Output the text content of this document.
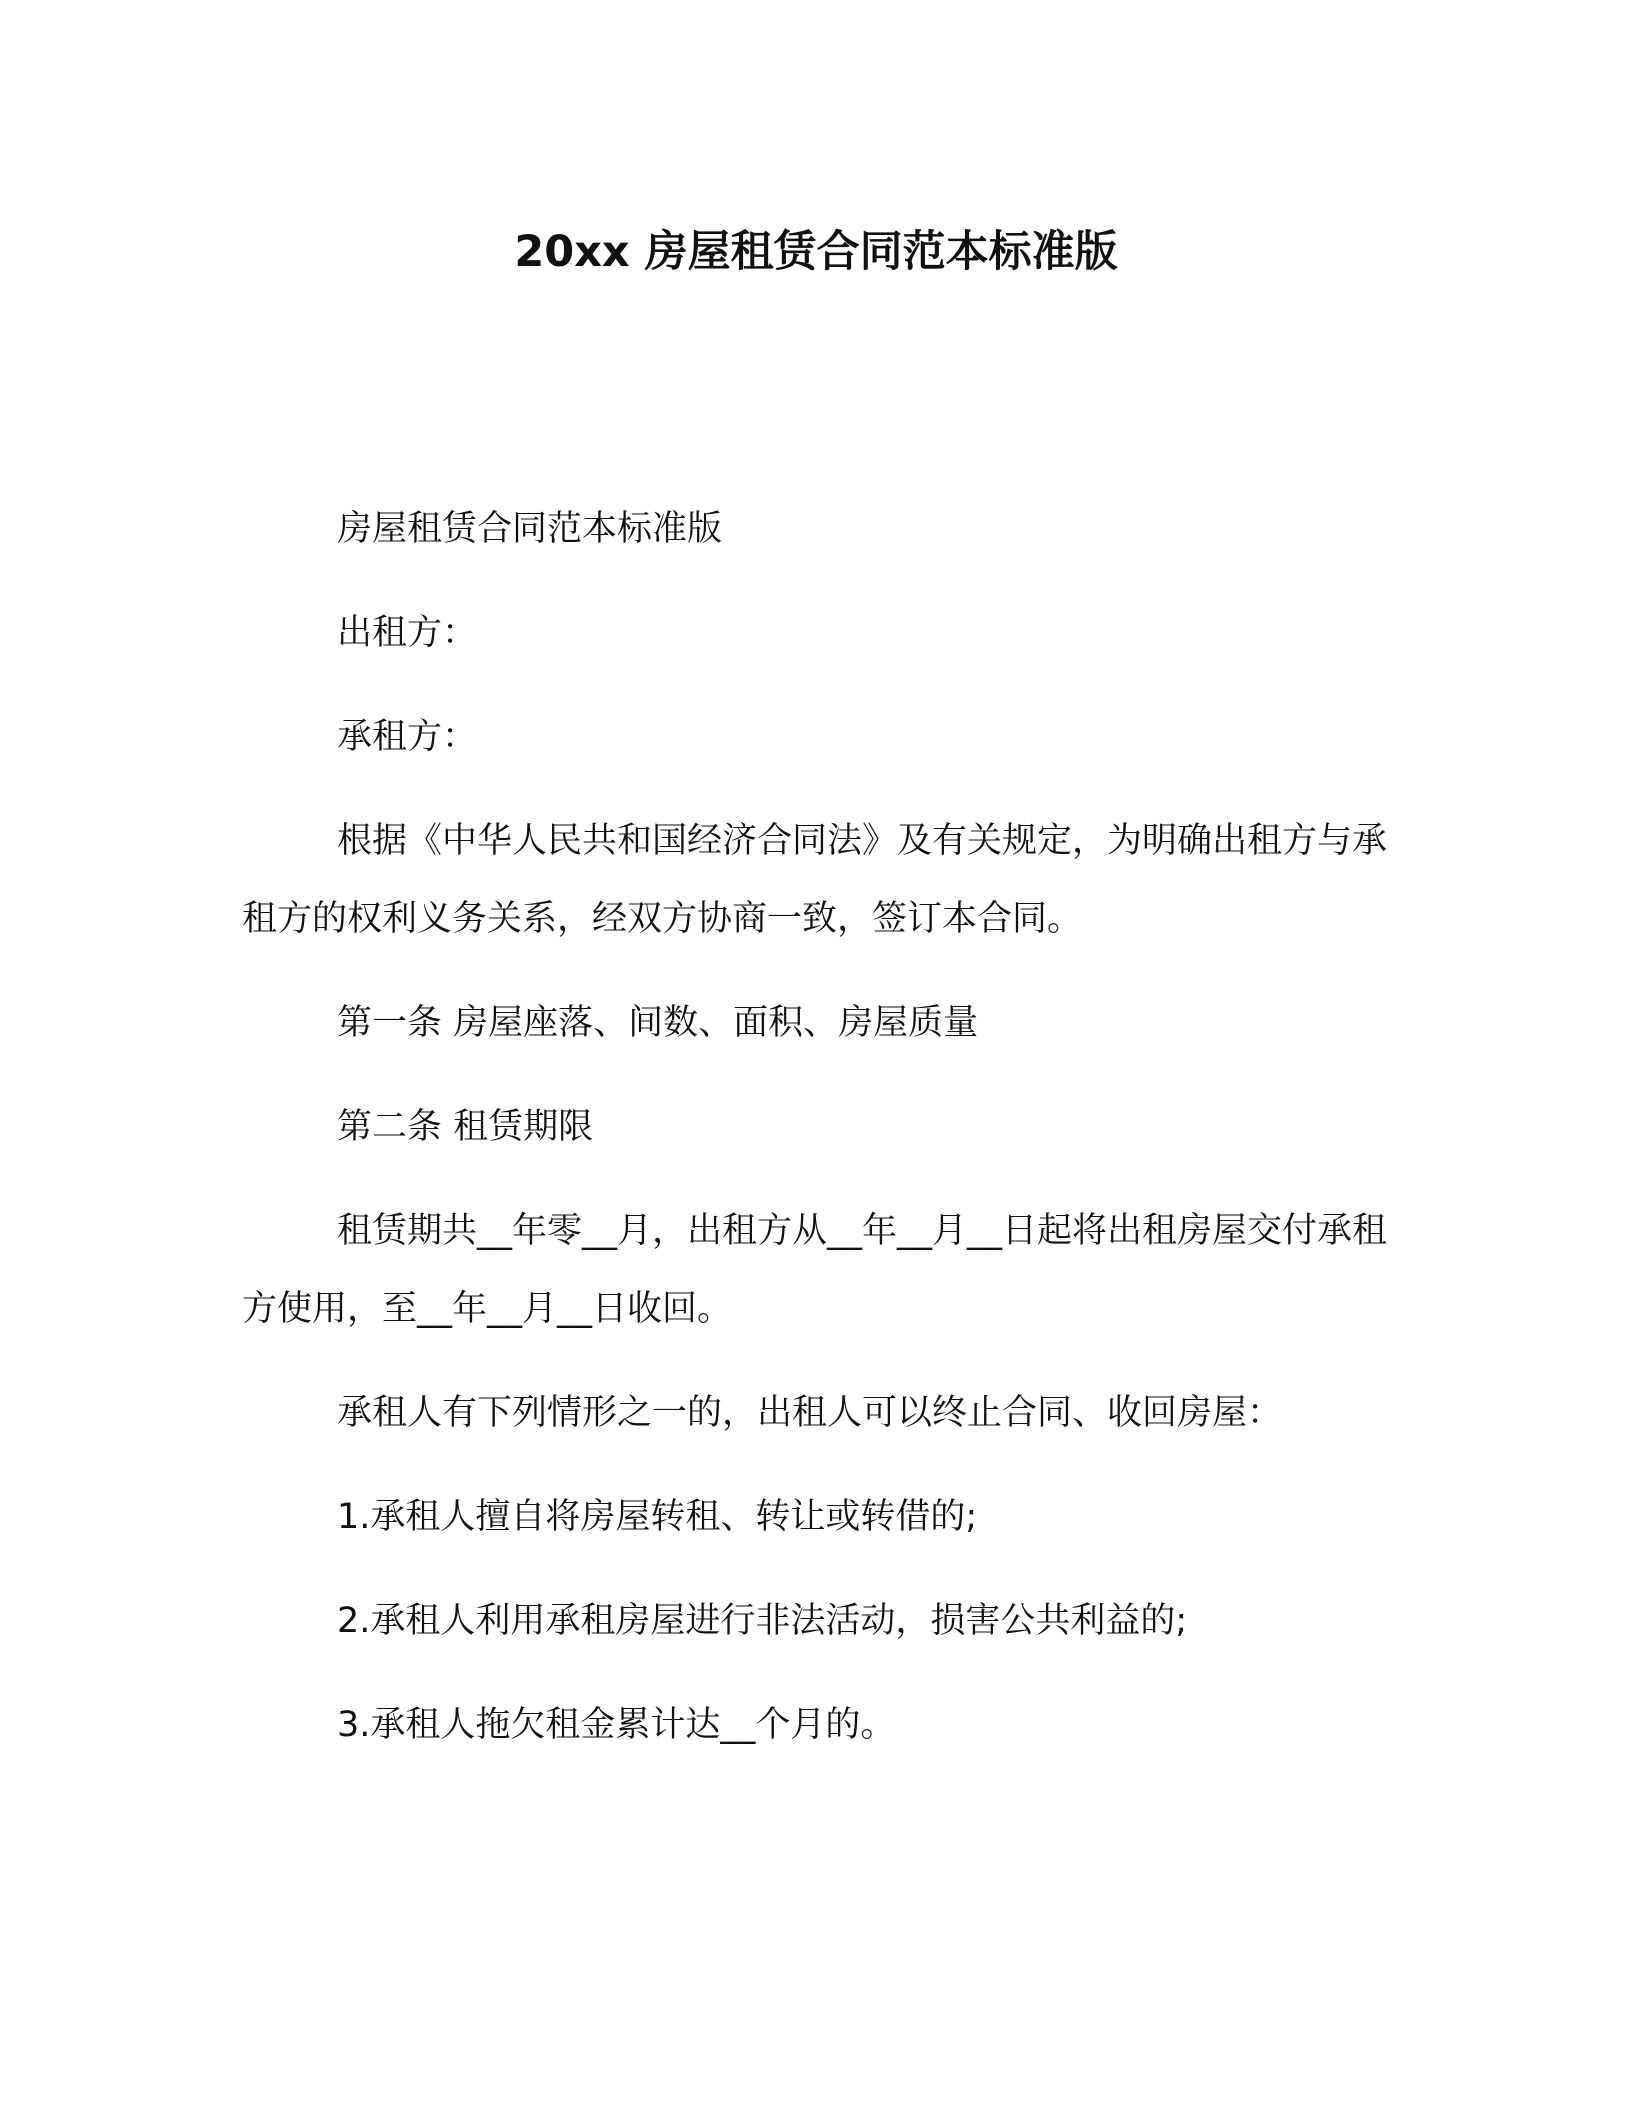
20xx 房屋租赁合同范本标准版

房屋租赁合同范本标准版

出租方：

承租方：

根据《中华人民共和国经济合同法》及有关规定，为明确出租方与承租方的权利义务关系，经双方协商一致，签订本合同。

第一条 房屋座落、间数、面积、房屋质量

第二条 租赁期限

租赁期共__年零__月，出租方从__年__月__日起将出租房屋交付承租方使用，至__年__月__日收回。

承租人有下列情形之一的，出租人可以终止合同、收回房屋：

1.承租人擅自将房屋转租、转让或转借的;

2.承租人利用承租房屋进行非法活动，损害公共利益的;

3.承租人拖欠租金累计达__个月的。
